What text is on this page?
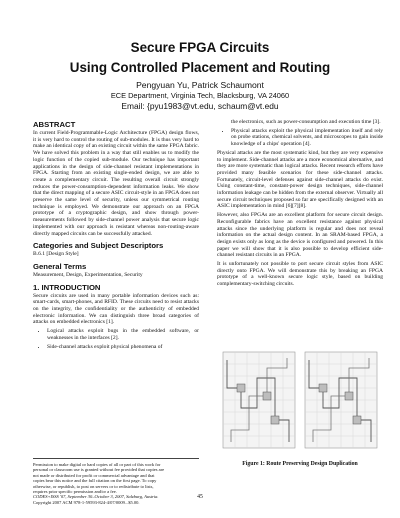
Secure FPGA Circuits
Using Controlled Placement and Routing
Pengyuan Yu, Patrick Schaumont
ECE Department, Virginia Tech, Blacksburg, VA 24060
Email: {pyu1983@vt.edu, schaum@vt.edu
ABSTRACT

In current Field-Programmable-Logic Architecture (FPGA) design flows, it is very hard to control the routing of sub-modules. It is thus very hard to make an identical copy of an existing circuit within the same FPGA fabric. We have solved this problem in a way that still enables us to modify the logic function of the copied sub-module. Our technique has important applications in the design of side-channel resistant implementations in FPGA. Starting from an existing single-ended design, we are able to create a complementary circuit. The resulting overall circuit strongly reduces the power-consumption-dependent information leaks. We show that the direct mapping of a secure ASIC circuit-style in an FPGA does not preserve the same level of security, unless our symmetrical routing technique is employed. We demonstrate our approach on an FPGA prototype of a cryptographic design, and show through power-measurements followed by side-channel power analysis that secure logic implemented with our approach is resistant whereas non-routing-aware directly mapped circuits can be successfully attacked.

Categories and Subject Descriptors

B.6.1 [Design Style]

General Terms

Measurement, Design, Experimentation, Security

1. INTRODUCTION

Secure circuits are used in many portable information devices such as: smart-cards, smart-phones, and RFID. These circuits need to resist attacks on the integrity, the confidentiality or the authenticity of embedded electronic information. We can distinguish three broad categories of attacks on embedded electronics [1].

• Logical attacks exploit bugs in the embedded software, or weaknesses in the interfaces [2].
• Side-channel attacks exploit physical phenomena of
Permission to make digital or hard copies of all or part of this work for
personal or classroom use is granted without fee provided that copies are
not made or distributed for profit or commercial advantage and that
copies bear this notice and the full citation on the first page. To copy
otherwise, or republish, to post on servers or to redistribute to lists,
requires prior specific permission and/or a fee.
CODES+ISSS '07, September 30–October 3, 2007, Salzburg, Austria.
Copyright 2007 ACM 978-1-59593-824-4/07/0009...$5.00.

the electronics, such as power-consumption and execution time [3].

• Physical attacks exploit the physical implementation itself and rely on probe stations, chemical solvents, and microscopes to gain inside knowledge of a chips' operation [4].

Physical attacks are the most systematic kind, but they are very expensive to implement. Side-channel attacks are a more economical alternative, and they are more systematic than logical attacks. Recent research efforts have provided many feasible scenarios for these side-channel attacks. Fortunately, circuit-level defenses against side-channel attacks do exist. Using constant-time, constant-power design techniques, side-channel information leakage can be hidden from the external observer. Virtually all secure circuit techniques proposed so far are specifically designed with an ASIC implementation in mind [6][7][8].

However, also FPGAs are an excellent platform for secure circuit design. Reconfigurable fabrics have an excellent resistance against physical attacks since the underlying platform is regular and does not reveal information on the actual design content. In an SRAM-based FPGA, a design exists only as long as the device is configured and powered. In this paper we will show that it is also possible to develop efficient side-channel resistant circuits in an FPGA.

It is unfortunately not possible to port secure circuit styles from ASIC directly onto FPGA. We will demonstrate this by breaking an FPGA prototype of a well-known secure logic style, based on building complementary-switching circuits.

Figure 1: Route Preserving Design Duplication
45
